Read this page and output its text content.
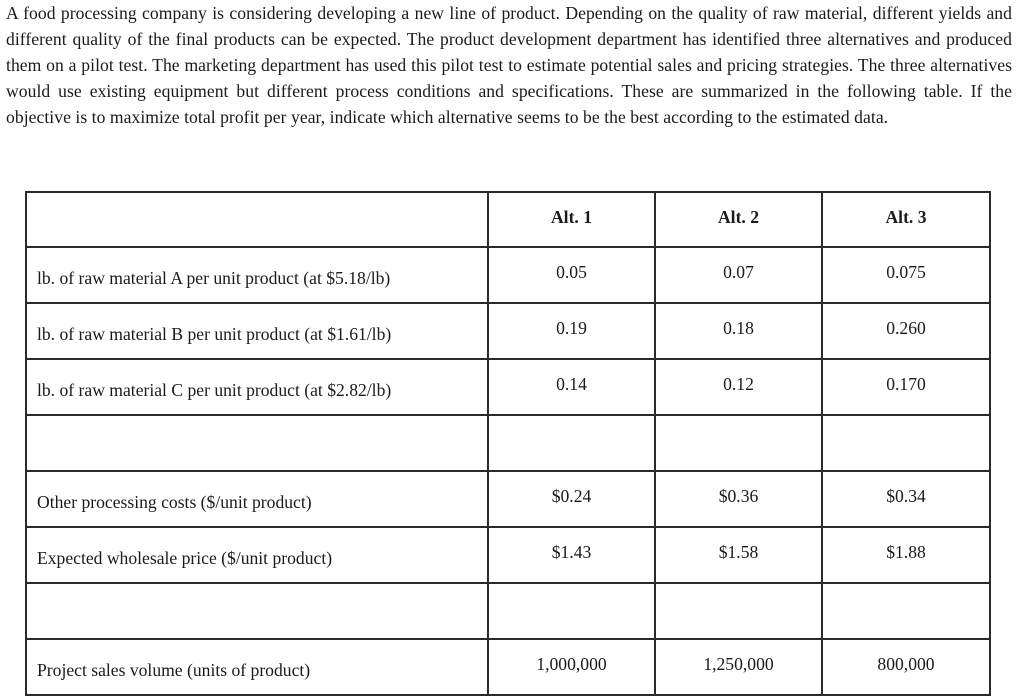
A food processing company is considering developing a new line of product. Depending on the quality of raw material, different yields and different quality of the final products can be expected. The product development department has identified three alternatives and produced them on a pilot test. The marketing department has used this pilot test to estimate potential sales and pricing strategies. The three alternatives would use existing equipment but different process conditions and specifications. These are summarized in the following table. If the objective is to maximize total profit per year, indicate which alternative seems to be the best according to the estimated data.

	Alt. 1	Alt. 2	Alt. 3
lb. of raw material A per unit product (at $5.18/lb)	0.05	0.07	0.075
lb. of raw material B per unit product (at $1.61/lb)	0.19	0.18	0.260
lb. of raw material C per unit product (at $2.82/lb)	0.14	0.12	0.170

Other processing costs ($/unit product)	$0.24	$0.36	$0.34
Expected wholesale price ($/unit product)	$1.43	$1.58	$1.88

Project sales volume (units of product)	1,000,000	1,250,000	800,000
